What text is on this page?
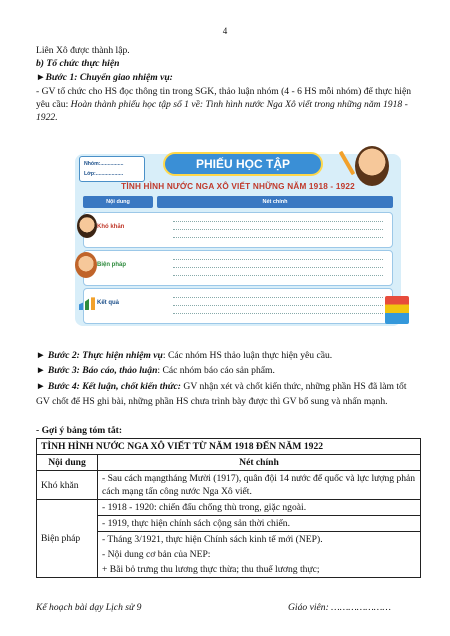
4
Liên Xô được thành lập.
b) Tổ chức thực hiện
►Bước 1: Chuyển giao nhiệm vụ:
- GV tổ chức cho HS đọc thông tin trong SGK, thảo luận nhóm (4 - 6 HS mỗi nhóm) để thực hiện yêu cầu: Hoàn thành phiếu học tập số 1 về: Tình hình nước Nga Xô viết trong những năm 1918 - 1922.
Nhóm:................
Lớp:...................
PHIẾU HỌC TẬP
TÌNH HÌNH NƯỚC NGA XÔ VIẾT NHỮNG NĂM 1918 - 1922
Nội dung	Nét chính
Khó khăn
Biện pháp
Kết quả
► Bước 2: Thực hiện nhiệm vụ: Các nhóm HS thảo luận thực hiện yêu cầu.
► Bước 3: Báo cáo, thảo luận: Các nhóm báo cáo sản phẩm.
► Bước 4: Kết luận, chốt kiến thức: GV nhận xét và chốt kiến thức, những phần HS đã làm tốt GV chốt để HS ghi bài, những phần HS chưa trình bày được thì GV bổ sung và nhấn mạnh.
- Gợi ý bảng tóm tắt:
TÌNH HÌNH NƯỚC NGA XÔ VIẾT TỪ NĂM 1918 ĐẾN NĂM 1922	
Nội dung	Nét chính
Khó khăn	- Sau cách mạngtháng Mười (1917), quân đội 14 nước đế quốc và lực lượng phản cách mạng tấn công nước Nga Xô viết.
Biện pháp	- 1918 - 1920: chiến đấu chống thù trong, giặc ngoài.
- 1919, thực hiện chính sách cộng sản thời chiến.
- Tháng 3/1921, thực hiện Chính sách kinh tế mới (NEP).
- Nội dung cơ bản của NEP:
+ Bãi bỏ trưng thu lương thực thừa; thu thuế lương thực;
Kế hoạch bài dạy Lịch sử 9	Giáo viên: …………………
